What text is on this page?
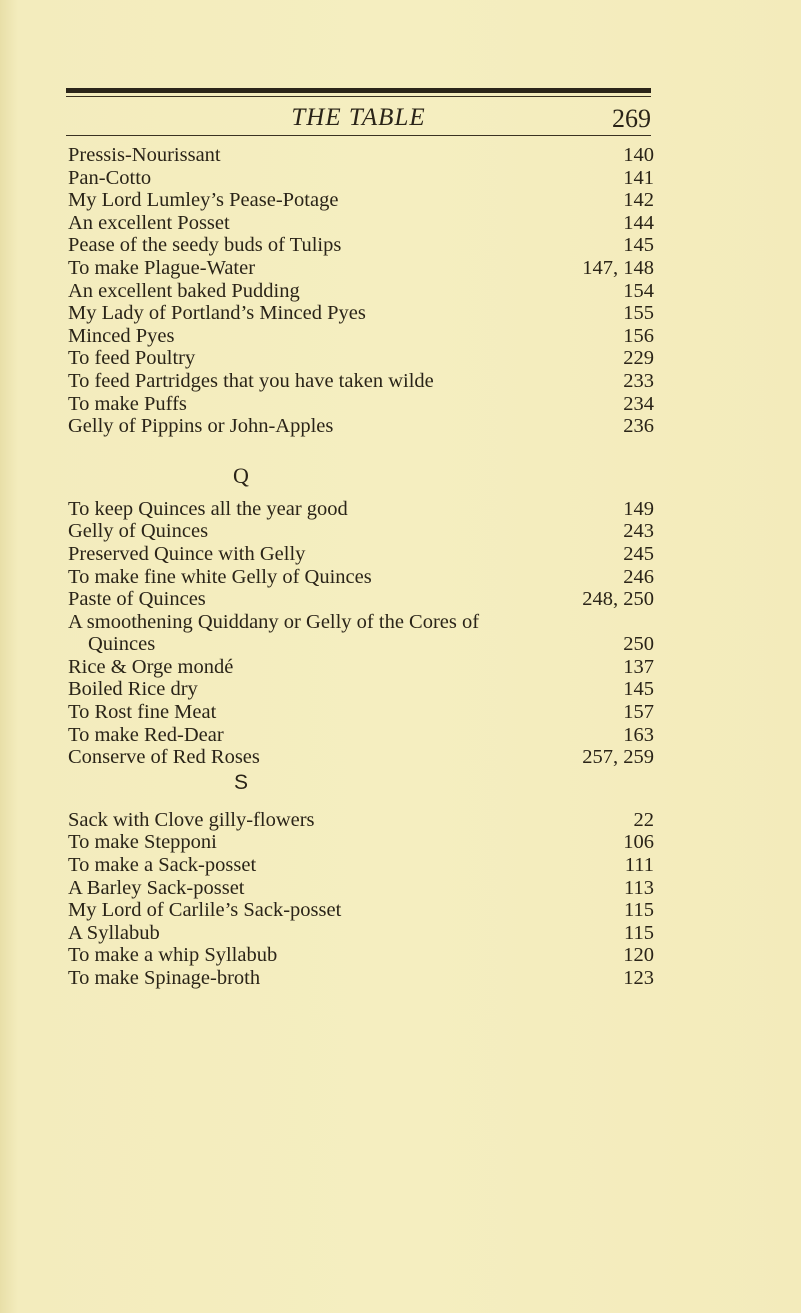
THE TABLE	269
Pressis-Nourissant	140
Pan-Cotto	141
My Lord Lumley’s Pease-Potage	142
An excellent Posset	144
Pease of the seedy buds of Tulips	145
To make Plague-Water	147, 148
An excellent baked Pudding	154
My Lady of Portland’s Minced Pyes	155
Minced Pyes	156
To feed Poultry	229
To feed Partridges that you have taken wilde	233
To make Puffs	234
Gelly of Pippins or John-Apples	236
Q
To keep Quinces all the year good	149
Gelly of Quinces	243
Preserved Quince with Gelly	245
To make fine white Gelly of Quinces	246
Paste of Quinces	248, 250
A smoothening Quiddany or Gelly of the Cores of
Quinces	250
Rice & Orge mondé	137
Boiled Rice dry	145
To Rost fine Meat	157
To make Red-Dear	163
Conserve of Red Roses	257, 259
S
Sack with Clove gilly-flowers	22
To make Stepponi	106
To make a Sack-posset	111
A Barley Sack-posset	113
My Lord of Carlile’s Sack-posset	115
A Syllabub	115
To make a whip Syllabub	120
To make Spinage-broth	123
